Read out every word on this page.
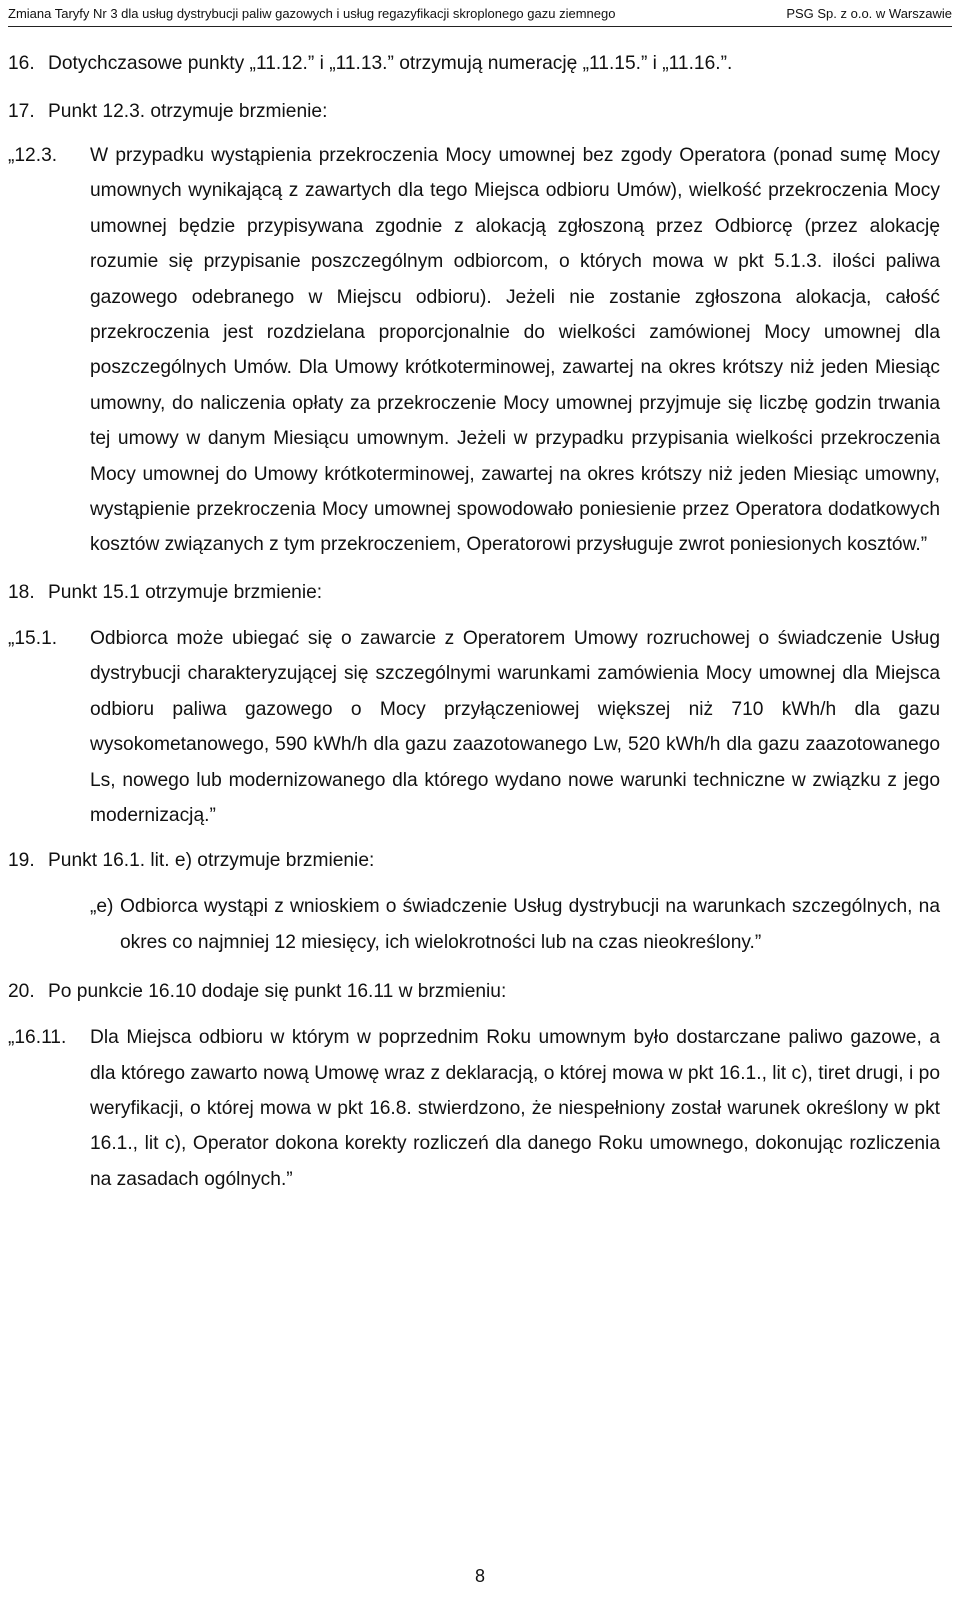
Zmiana Taryfy Nr 3 dla usług dystrybucji paliw gazowych i usług regazyfikacji skroplonego gazu ziemnego	PSG Sp. z o.o. w Warszawie
16. Dotychczasowe punkty „11.12.” i „11.13.” otrzymują numerację „11.15.” i „11.16.”.
17. Punkt 12.3. otrzymuje brzmienie:
„12.3. W przypadku wystąpienia przekroczenia Mocy umownej bez zgody Operatora (ponad sumę Mocy umownych wynikającą z zawartych dla tego Miejsca odbioru Umów), wielkość przekroczenia Mocy umownej będzie przypisywana zgodnie z alokacją zgłoszoną przez Odbiorcę (przez alokację rozumie się przypisanie poszczególnym odbiorcom, o których mowa w pkt 5.1.3. ilości paliwa gazowego odebranego w Miejscu odbioru). Jeżeli nie zostanie zgłoszona alokacja, całość przekroczenia jest rozdzielana proporcjonalnie do wielkości zamówionej Mocy umownej dla poszczególnych Umów. Dla Umowy krótkoterminowej, zawartej na okres krótszy niż jeden Miesiąc umowny, do naliczenia opłaty za przekroczenie Mocy umownej przyjmuje się liczbę godzin trwania tej umowy w danym Miesiącu umownym. Jeżeli w przypadku przypisania wielkości przekroczenia Mocy umownej do Umowy krótkoterminowej, zawartej na okres krótszy niż jeden Miesiąc umowny, wystąpienie przekroczenia Mocy umownej spowodowało poniesienie przez Operatora dodatkowych kosztów związanych z tym przekroczeniem, Operatorowi przysługuje zwrot poniesionych kosztów.”
18. Punkt 15.1 otrzymuje brzmienie:
„15.1. Odbiorca może ubiegać się o zawarcie z Operatorem Umowy rozruchowej o świadczenie Usług dystrybucji charakteryzującej się szczególnymi warunkami zamówienia Mocy umownej dla Miejsca odbioru paliwa gazowego o Mocy przyłączeniowej większej niż 710 kWh/h dla gazu wysokometanowego, 590 kWh/h dla gazu zaazotowanego Lw, 520 kWh/h dla gazu zaazotowanego Ls, nowego lub modernizowanego dla którego wydano nowe warunki techniczne w związku z jego modernizacją.”
19. Punkt 16.1. lit. e) otrzymuje brzmienie:
„e) Odbiorca wystąpi z wnioskiem o świadczenie Usług dystrybucji na warunkach szczególnych, na okres co najmniej 12 miesięcy, ich wielokrotności lub na czas nieokreślony.”
20. Po punkcie 16.10 dodaje się punkt 16.11 w brzmieniu:
„16.11. Dla Miejsca odbioru w którym w poprzednim Roku umownym było dostarczane paliwo gazowe, a dla którego zawarto nową Umowę wraz z deklaracją, o której mowa w pkt 16.1., lit c), tiret drugi, i po weryfikacji, o której mowa w pkt 16.8. stwierdzono, że niespełniony został warunek określony w pkt 16.1., lit c), Operator dokona korekty rozliczeń dla danego Roku umownego, dokonując rozliczenia na zasadach ogólnych.”
8
